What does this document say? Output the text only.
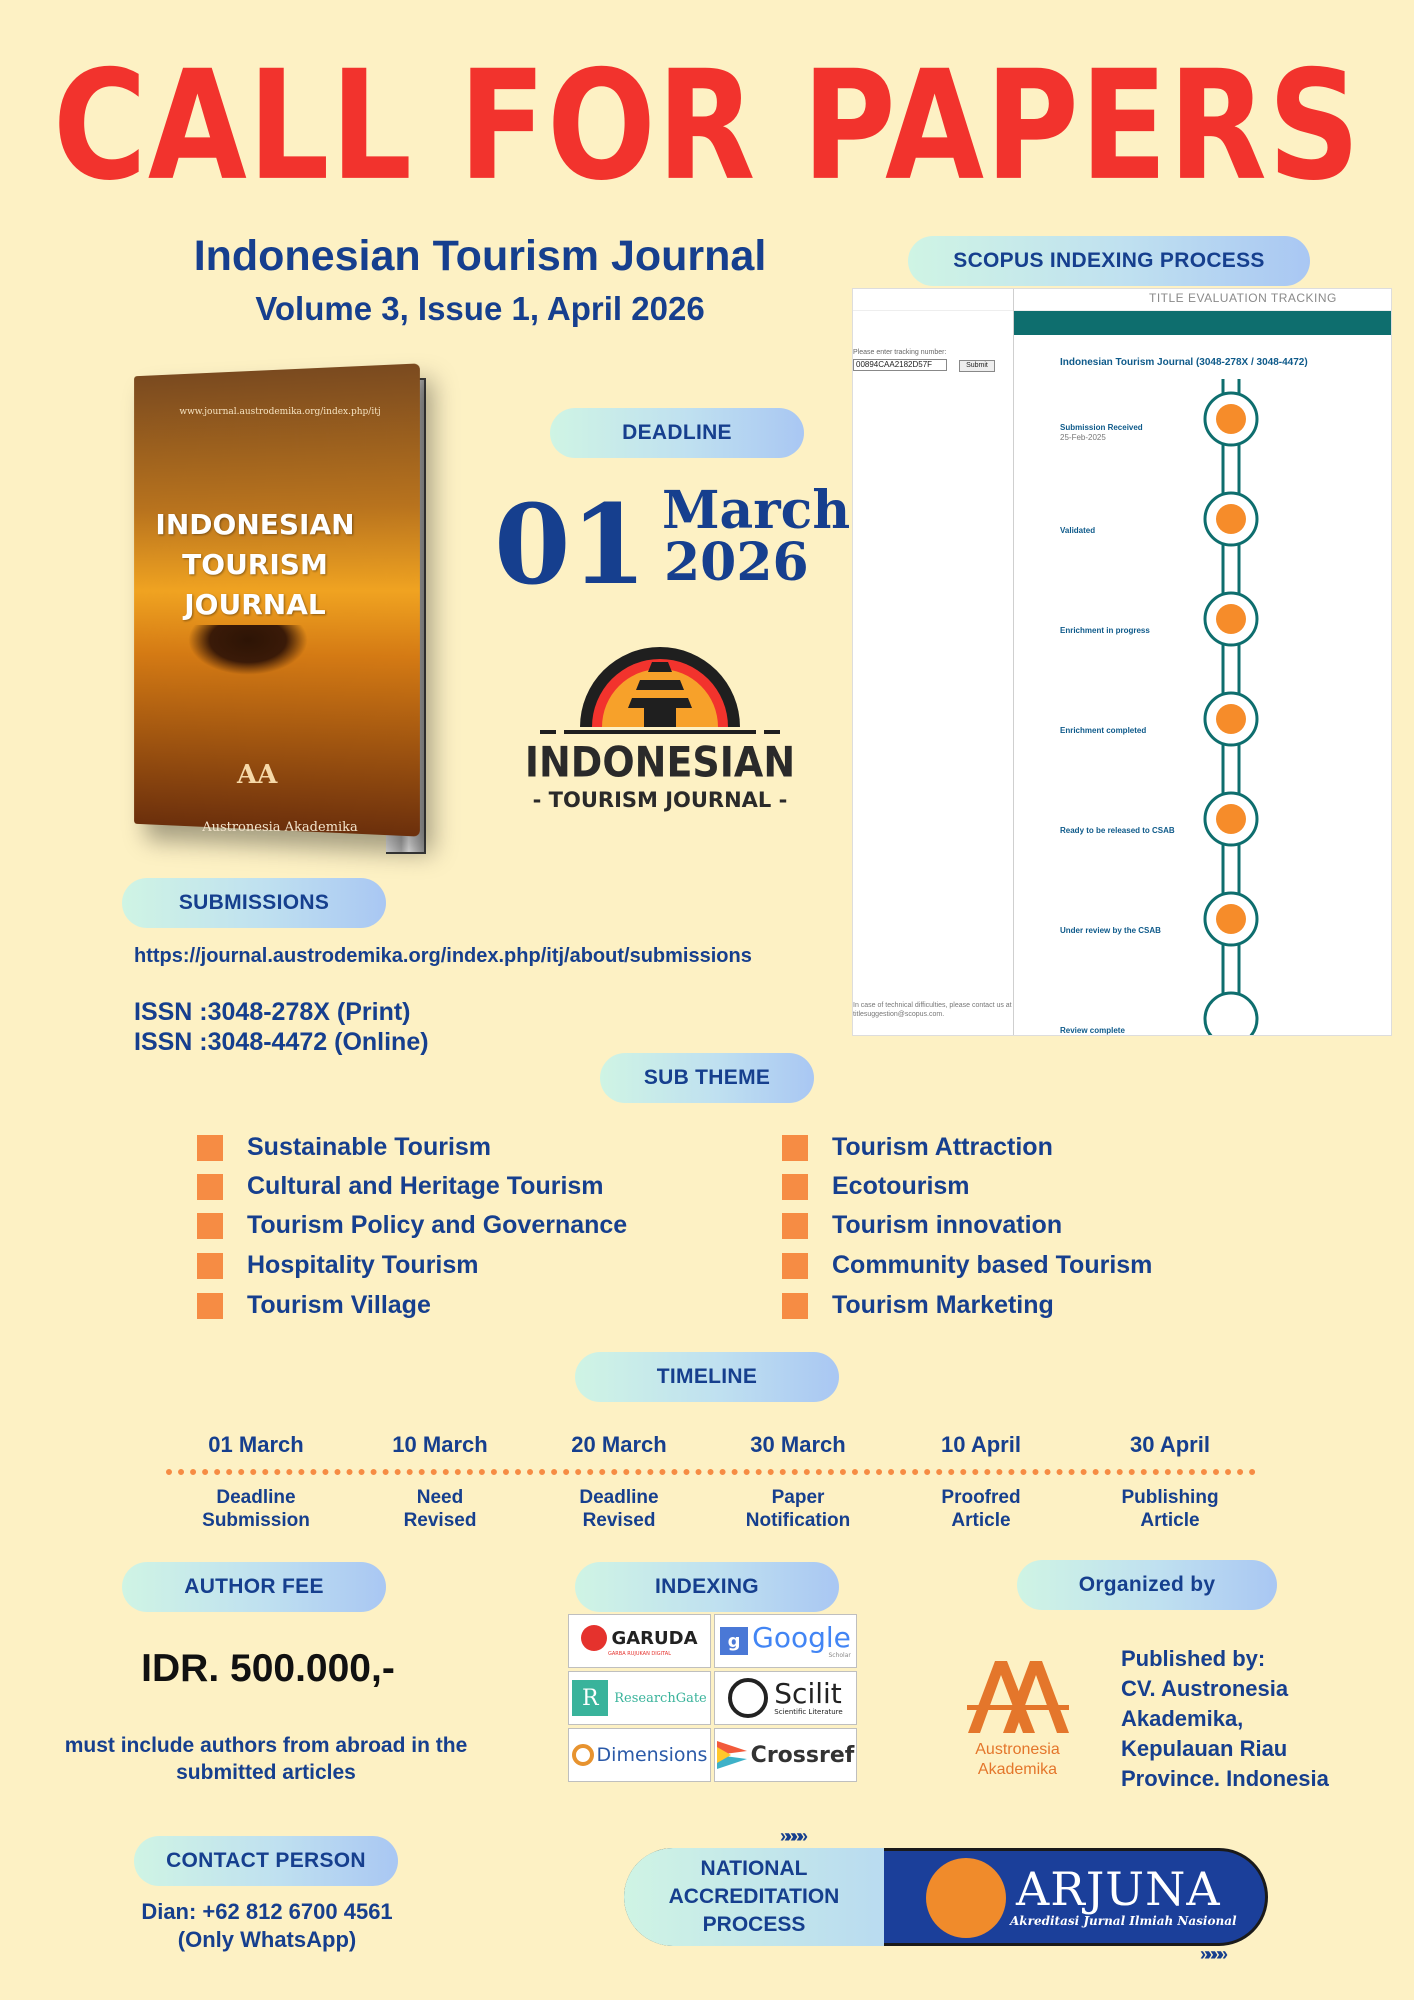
CALL FOR PAPERS
Indonesian Tourism Journal
Volume 3, Issue 1, April 2026
www.journal.austrodemika.org/index.php/itj
INDONESIAN
TOURISM
JOURNAL
AA
Austronesia Akademika
DEADLINE
01 March
2026
INDONESIAN
- TOURISM JOURNAL -
SCOPUS INDEXING PROCESS
TITLE EVALUATION TRACKING
Please enter tracking number:
00894CAA2182D57F	Submit	Indonesian Tourism Journal (3048-278X / 3048-4472)
Submission Received
25-Feb-2025
Validated
Enrichment in progress
Enrichment completed
Ready to be released to CSAB
Under review by the CSAB
Review complete
In case of technical difficulties, please contact us at titlesuggestion@scopus.com.
SUBMISSIONS
https://journal.austrodemika.org/index.php/itj/about/submissions
ISSN :3048-278X (Print)
ISSN :3048-4472 (Online)
SUB THEME
Sustainable Tourism
Cultural and Heritage Tourism
Tourism Policy and Governance
Hospitality Tourism
Tourism Village
Tourism Attraction
Ecotourism
Tourism innovation
Community based Tourism
Tourism Marketing
TIMELINE
01 March
Deadline
Submission
10 March
Need
Revised
20 March
Deadline
Revised
30 March
Paper
Notification
10 April
Proofred
Article
30 April
Publishing
Article
AUTHOR FEE
IDR. 500.000,-
must include authors from abroad in the submitted articles
INDEXING
GARUDA
GARBA RUJUKAN DIGITAL
g Google
Scholar
R	ResearchGate Scilit
Scientific Literature
Dimensions Crossref
Organized by
Austronesia
Akademika
Published by:
CV. Austronesia
Akademika,
Kepulauan Riau
Province. Indonesia
CONTACT PERSON
Dian: +62 812 6700 4561
(Only WhatsApp)
»»»»
NATIONAL
ACCREDITATION
PROCESS
ARJUNA
Akreditasi Jurnal Ilmiah Nasional
»»»»
